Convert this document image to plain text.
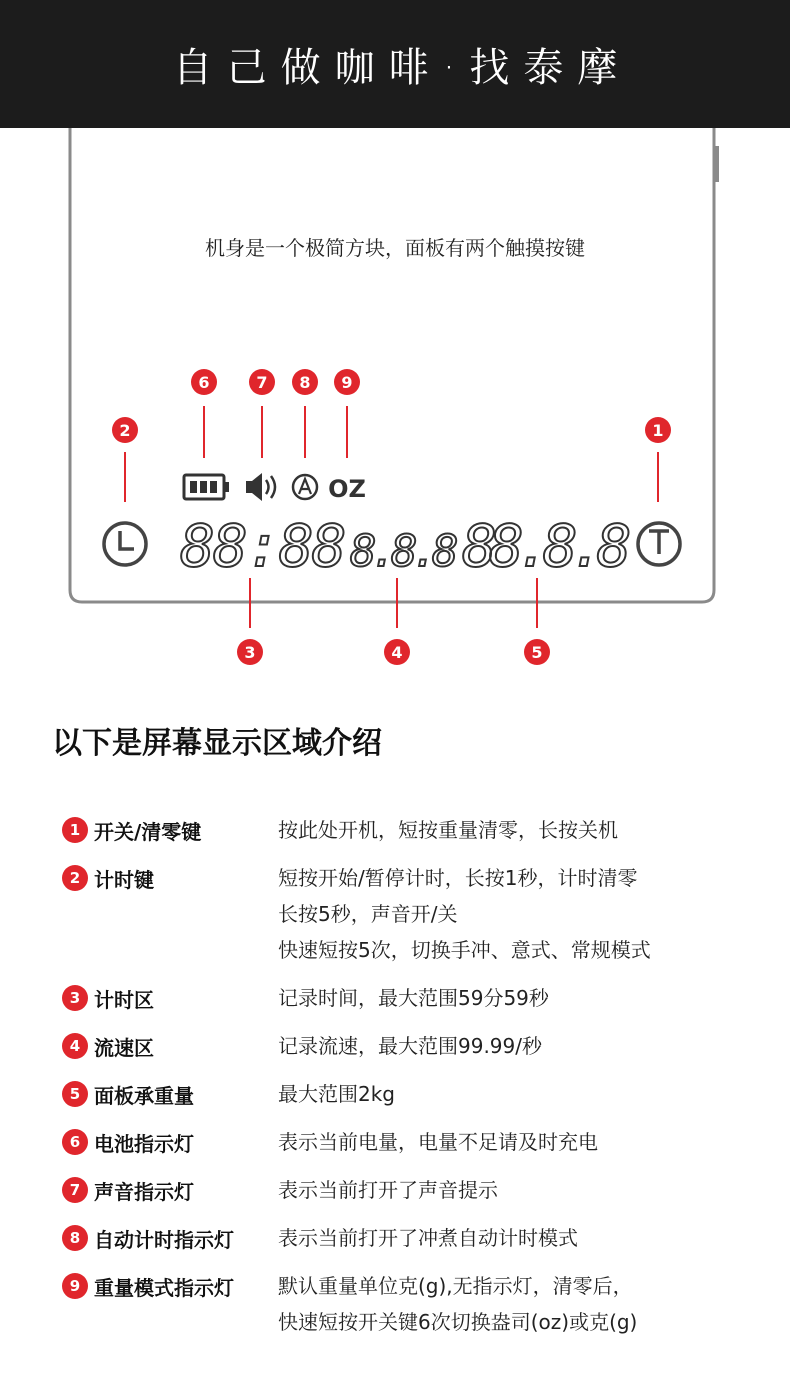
自己做咖啡·找泰摩
1
2
3	4	5
6	7 8 9
OZ
88:88 8.8.8 88.8.8
机身是一个极简方块，面板有两个触摸按键
以下是屏幕显示区域介绍
1 开关/清零键	按此处开机，短按重量清零，长按关机
2 计时键	短按开始/暂停计时，长按1秒，计时清零
长按5秒，声音开/关
快速短按5次，切换手冲、意式、常规模式
3 计时区	记录时间，最大范围59分59秒
4 流速区	记录流速，最大范围99.99/秒
5 面板承重量	最大范围2kg
6 电池指示灯	表示当前电量，电量不足请及时充电
7 声音指示灯	表示当前打开了声音提示
8 自动计时指示灯 表示当前打开了冲煮自动计时模式
9 重量模式指示灯 默认重量单位克(g),无指示灯，清零后，
快速短按开关键6次切换盎司(oz)或克(g)
